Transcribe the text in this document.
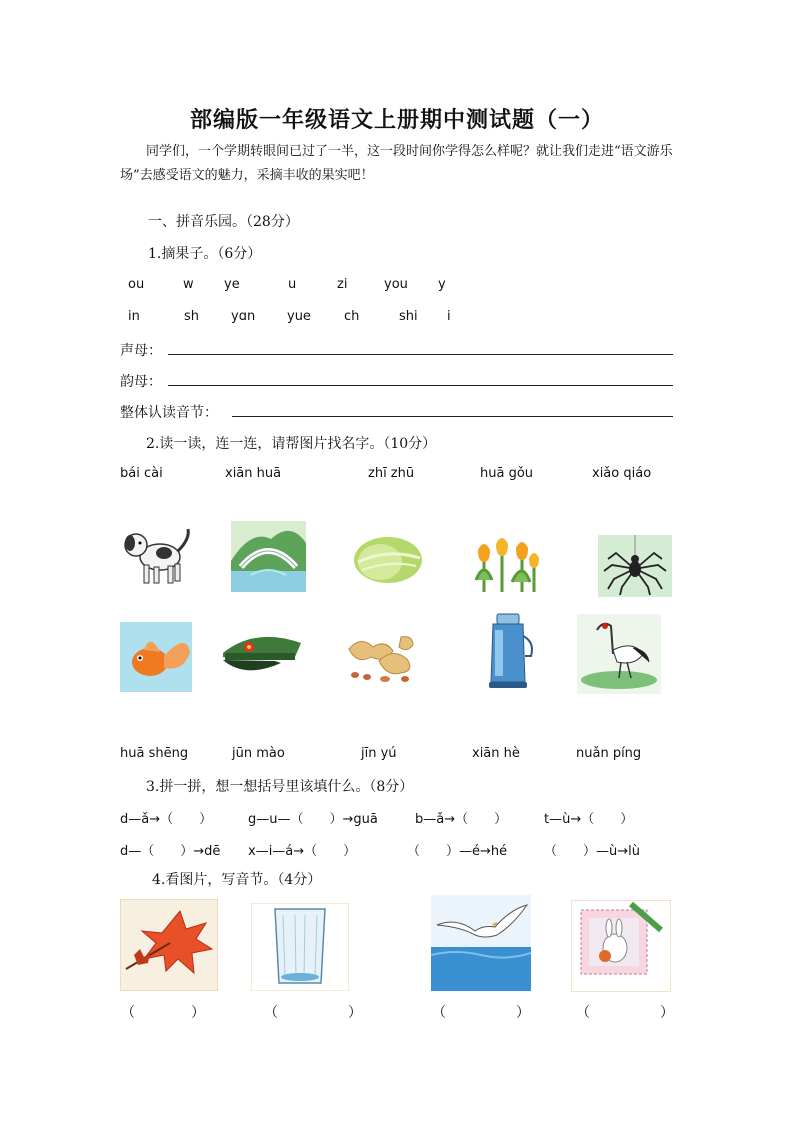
部编版一年级语文上册期中测试题（一）
同学们，一个学期转眼间已过了一半，这一段时间你学得怎么样呢？就让我们走进“语文游乐场”去感受语文的魅力，采摘丰收的果实吧！
一、拼音乐园。（28分）
1.摘果子。（6分）
ou	w ye	u	zi	you y
in	sh yɑn yue	ch	shi i
声母：
韵母：
整体认读音节：
2.读一读，连一连，请帮图片找名字。（10分）
bái cài	xiān huā	zhī zhū	huā gǒu	xiǎo qiáo
huā shēng	jūn mào	jīn yú	xiān hè	nuǎn píng
3.拼一拼，想一想括号里该填什么。（8分）
d—ǎ→（　　）	g—u—（　　）→guā	b—ǎ→（　　）	t—ù→（　　）
d—（　　）→dē x—i—á→（　　）	（　　）—é→hé	（　　）—ù→lù
4.看图片，写音节。（4分）
（　　　　）	（　　　　　）	（　　　　　）	（　　　　　）
